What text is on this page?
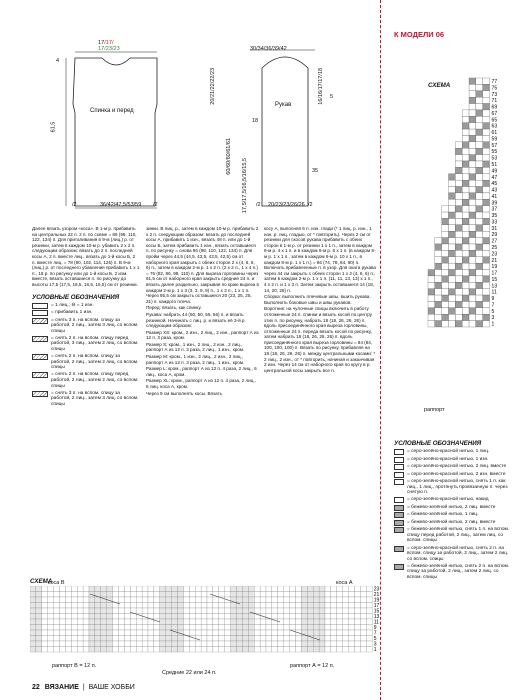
17/17/
17/23/23
4
61,5
Спинка и перед
/2	36/42/47,5/53/59 /2
30/34/36/39/42
20/21/22/22/23	16/16/17/17/18 5
18
17,5/17,5/16,5/16/15,5
60/60/60/61/61	35
Рукав
/2 20/23/23/26/26 /2
К МОДЕЛИ 06
СХЕМА	77
75
73
71
69
67
65
63
61
59
57
55
53
51
49
47
45
43
41
39
37
35
33
31
29
27
25
23
21
19
17
15
13
11
9
7
5
3
1
раппорт

Далее вязать узором «коса». В 1-м р. прибавить на центральных 22 п. 2 п. по схеме = 86 (98, 110, 122, 134) п. Для приталивания в 9-м (лиц.) р. от резинки, затем в каждом 10-м р. убавить 2 х 2 п. следующим образом: вязать до 2 п. последней косы А, 2 п. вместе лиц., вязать до 1-й косы Б, 2 п. вместе лиц. = 78 (90, 102, 114, 126) п. В 9-м (лиц.) р. от последнего убавления прибавить 1 х 1 п., 18 р. по рисунку или до 1-й косы Б, 2 изм. вместе, вязать оставшиеся п. по рисунку до высоты 17,5 (17,5, 16,5, 16,5, 15,5) см от резинки.

УСЛОВНЫЕ ОБОЗНАЧЕНИЯ
= 1 лиц.; ⊖ = 1 изн.
= прибавить 1 изн.
= снять 3 п. на вспом. спицу за работой, 2 лиц., затем 3 лиц. со вспом. спицы
= снять 2 п. на вспом. спицу перед работой, 3 лиц., затем 2 лиц. со вспом. спицы
= снять 2 п. на вспом. спицу за работой, 2 лиц., затем 2 лиц. со вспом. спицы
= снять 2 п. на вспом. спицу перед работой, 2 лиц., затем 2 лиц. со вспом. спицы
= снять 3 п. на вспом. спицу за работой, 2 лиц., затем 3 лиц. со вспом. спицы

зинки. В лиц. р., затем в каждом 10-м р. прибавить 2 х 2 п. следующим образом: вязать до последней косы А, прибавить 1 изн., вязать 48 п. или до 1-й косы Б, затем прибавить 1 изн., вязать оставшиеся п. по рисунку = снова 86 (98, 110, 122, 134) п. Для пройм через 44,5 (44,5, 43,5, 43,5, 42,5) см от наборного края закрыть с обеих сторон 2 х (4, 6, 6, 6) п., затем в каждом 2-м р. 1 х 2 п. (2 х 2 п., 1 х 4 п.) = 76 (82, 86, 98, 110) п. Для выреза горловины через 61,5 см от наборного края закрыть средние 24 п. и вязать далее раздельно, закрывая по краю выреза в каждом 2-м р. 1 х 3 (3, 3, 9, 9) п., 1 х 2 п., 1 х 1 п. Через 65,5 см закрыть оставшиеся 20 (23, 25, 25, 31) п. каждого плеча.

Перед: вязать, как спинку.

Рукава: набрать 44 (50, 50, 56, 56) п. и вязать резинкой. Начинать с лиц. р. и вязать её 3-й р. следующим образом:

Размер XS: кром., 2 изн., 2 лиц., 2 изн., раппорт А из 12 п. 3 раза, кром.

Размер S: кром., 1 изн., 2 лиц., 2 изн., 2 лиц., раппорт А из 12 п. 3 раза, 2 лиц., 1 изн., кром.

Размер M: кром., 1 изн., 2 лиц., 2 изн., 2 лиц., раппорт А из 12 п. 3 раза, 2 лиц., 1 изн., кром.

Размер L: кром., раппорт А из 12 п. 4 раза, 2 лиц., 6 лиц., коса А, кром.

Размер XL: кром., раппорт А из 12 п. 4 раза, 2 лиц., 6 лиц. коса А, кром.

Через 9 см выполнять косы. Вязать

косу А, выполняя 6 п. изн. глади (* 1 лиц. р. изн., 1 изн. р. лиц. гладью, от * повторить). Через 2 см от резинки для скосов рукава прибавить с обеих сторон в 1-м р. от резинки 1 х 1 п., затем в каждом 8-м р. 4 х 1 п. и в каждом 6-м р. 6 х 1 п. (в каждом 8-м р. 1 х 1 п., затем в каждом 6-м р. 10 х 1 п., в каждом 8-м р. 1 х 1 п.) = 66 (74, 78, 84, 90) п. Включать прибавленные п. в узор. Для оката рукава через 44 см закрыть с обеих сторон 1 х 2 (4, 6, 6) п., затем в каждом 2-м р. 1 х 1 п. (11, 11, 13, 13) х 1 п., 4 х 2 п. и 1 х 3 п. Затем закрыть оставшиеся 14 (18, 14, 20, 26) п.

Сборка: выполнить плечевые швы, вшить рукава. Выполнить боковые швы и швы рукавов.

Воротник: на чулочные спицы включить в работу отложенные 24 п. спинки и вязать косой по центру этих п. по рисунку, набрать 18 (18, 26, 26, 26) п. вдоль присоединённого края выреза горловины, отложенные 24 п. переда вязать косой по рисунку, затем набрать 18 (18, 26, 26, 26) п. вдоль присоединённого края выреза горловины = 84 (84, 100, 100, 100) п. Вязать по рисунку, прибавляя на 18 (18, 26, 26, 26) п. между центральными косами: * 2 лиц., 2 изн., от * повторить, начиная и заканчивая 2 изн. Через 14 см от наборного края по кругу в р. центральной косы закрыть все п.

УСЛОВНЫЕ ОБОЗНАЧЕНИЯ
= серо-зелёно-красной нитью, 1 лиц.
= серо-зелёно-красной нитью, 1 изн.
= серо-зелёно-красной нитью, 2 лиц. вместе
= серо-зелёно-красной нитью, 2 изн. вместе
= серо-зелёно-красной нитью, снять 1 п. как лиц., 1 лиц., протянуть провязанную п. через снятую п.
= серо-зелёно-красной нитью, накид
= бежево-зелёной нитью, 2 лиц. вместе
= бежево-зелёной нитью, 1 лиц.
= бежево-зелёной нитью, 2 лиц. вместе
= бежево-зелёной нитью, снять 1 п. на вспом. спицу перед работой, 2 лиц., затем лиц. со вспом. спицы
= серо-зелёно-красной нитью, снять 2 п. на вспом. спицу за работой, 2 лиц., затем 2 лиц. со вспом. спицы
= бежево-зелёной нитью, снять 2 п. на вспом. спицу за работой, 2 лиц., затем 2 лиц. со вспом. спицы
СХЕМА
коса В	коса А
23
21
19
17
15
13
11
9
7
5
3
1
раппорт В = 12 п.
Средние 22 или 24 п.
раппорт А = 12 п.
22 ВЯЗАНИЕ | ВАШЕ ХОББИ
